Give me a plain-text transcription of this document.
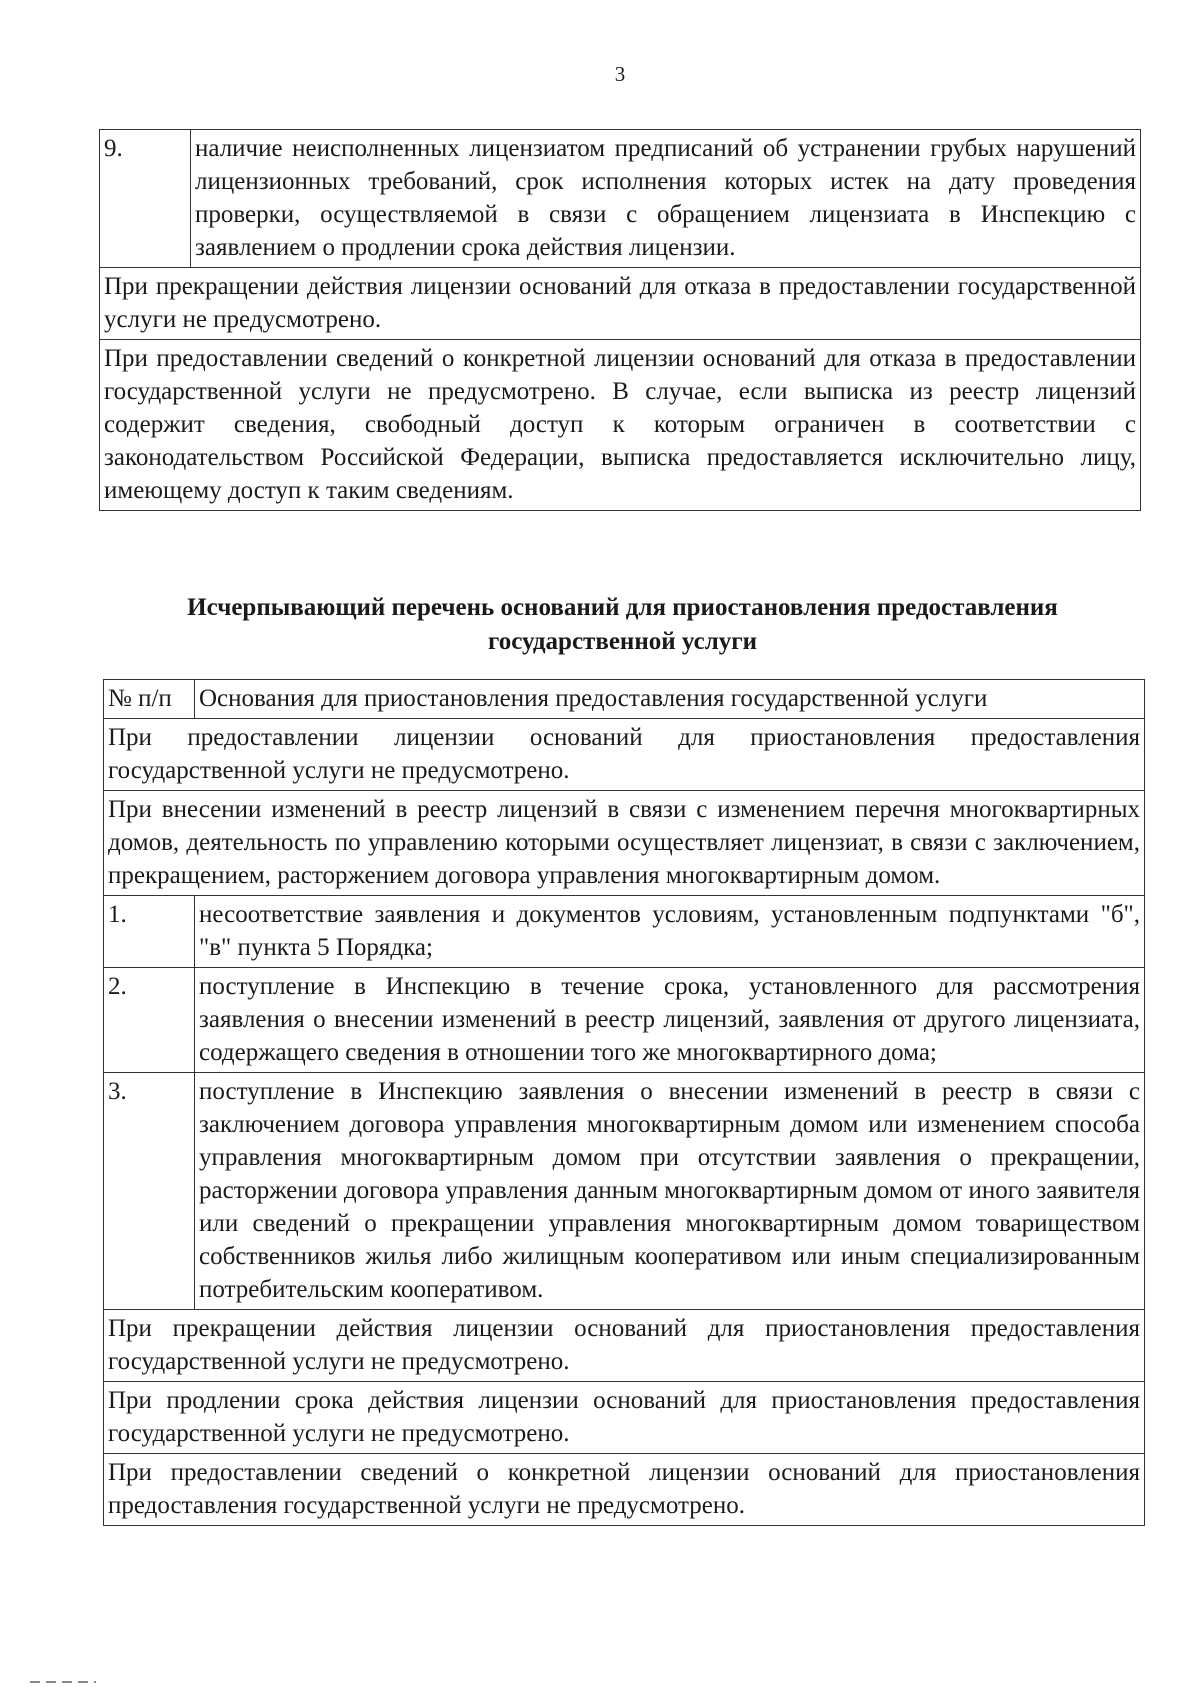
3
9.	наличие неисполненных лицензиатом предписаний об устранении грубых нарушений лицензионных требований, срок исполнения которых истек на дату проведения проверки, осуществляемой в связи с обращением лицензиата в Инспекцию с заявлением о продлении срока действия лицензии.
При прекращении действия лицензии оснований для отказа в предоставлении государственной услуги не предусмотрено.
При предоставлении сведений о конкретной лицензии оснований для отказа в предоставлении государственной услуги не предусмотрено. В случае, если выписка из реестр лицензий содержит сведения, свободный доступ к которым ограничен в соответствии с законодательством Российской Федерации, выписка предоставляется исключительно лицу, имеющему доступ к таким сведениям.
Исчерпывающий перечень оснований для приостановления предоставления
государственной услуги
№ п/п	Основания для приостановления предоставления государственной услуги
При предоставлении лицензии оснований для приостановления предоставления государственной услуги не предусмотрено.	
При внесении изменений в реестр лицензий в связи с изменением перечня многоквартирных домов, деятельность по управлению которыми осуществляет лицензиат, в связи с заключением, прекращением, расторжением договора управления многоквартирным домом.	
1.	несоответствие заявления и документов условиям, установленным подпунктами "б", "в" пункта 5 Порядка;
2.	поступление в Инспекцию в течение срока, установленного для рассмотрения заявления о внесении изменений в реестр лицензий, заявления от другого лицензиата, содержащего сведения в отношении того же многоквартирного дома;
3.	поступление в Инспекцию заявления о внесении изменений в реестр в связи с заключением договора управления многоквартирным домом или изменением способа управления многоквартирным домом при отсутствии заявления о прекращении, расторжении договора управления данным многоквартирным домом от иного заявителя или сведений о прекращении управления многоквартирным домом товариществом собственников жилья либо жилищным кооперативом или иным специализированным потребительским кооперативом.
При прекращении действия лицензии оснований для приостановления предоставления государственной услуги не предусмотрено.	
При продлении срока действия лицензии оснований для приостановления предоставления государственной услуги не предусмотрено.	
При предоставлении сведений о конкретной лицензии оснований для приостановления предоставления государственной услуги не предусмотрено.	
